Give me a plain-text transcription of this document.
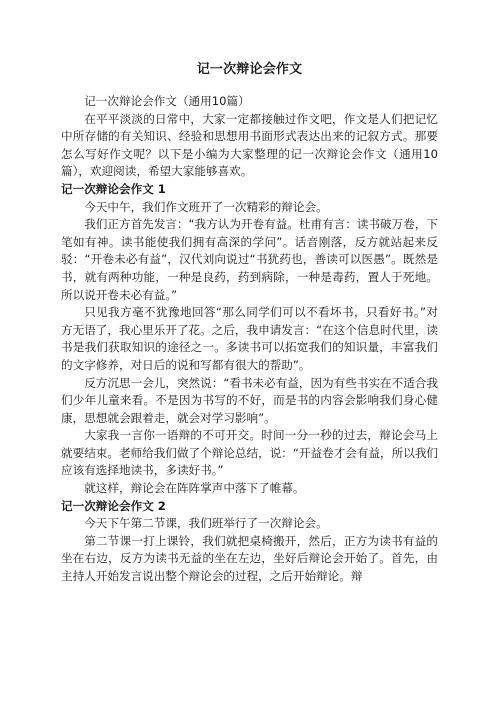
记一次辩论会作文

记一次辩论会作文（通用10篇）

在平平淡淡的日常中，大家一定都接触过作文吧，作文是人们把记忆中所存储的有关知识、经验和思想用书面形式表达出来的记叙方式。那要怎么写好作文呢？以下是小编为大家整理的记一次辩论会作文（通用10篇），欢迎阅读，希望大家能够喜欢。

记一次辩论会作文 1

今天中午，我们作文班开了一次精彩的辩论会。

我们正方首先发言：“我方认为开卷有益。杜甫有言：读书破万卷，下笔如有神。读书能使我们拥有高深的学问”。话音刚落，反方就站起来反驳：“开卷未必有益”，汉代刘向说过“书犹药也，善读可以医愚”。既然是书，就有两种功能，一种是良药，药到病除，一种是毒药，置人于死地。所以说开卷未必有益。”

只见我方毫不犹豫地回答“那么同学们可以不看坏书，只看好书。”对方无语了，我心里乐开了花。之后，我申请发言：“在这个信息时代里，读书是我们获取知识的途径之一。多读书可以拓宽我们的知识量，丰富我们的文字修养，对日后的说和写都有很大的帮助”。

反方沉思一会儿，突然说：“看书未必有益，因为有些书实在不适合我们少年儿童来看。不是因为书写的不好，而是书的内容会影响我们身心健康，思想就会跟着走，就会对学习影响”。

大家我一言你一语辩的不可开交。时间一分一秒的过去，辩论会马上就要结束。老师给我们做了个辩论总结，说：“开益卷才会有益，所以我们应该有选择地读书，多读好书。”

就这样，辩论会在阵阵掌声中落下了帷幕。

记一次辩论会作文 2

今天下午第二节课，我们班举行了一次辩论会。

第二节课一打上课铃，我们就把桌椅搬开，然后，正方为读书有益的坐在右边，反方为读书无益的坐在左边，坐好后辩论会开始了。首先，由主持人开始发言说出整个辩论会的过程，之后开始辩论。辩
